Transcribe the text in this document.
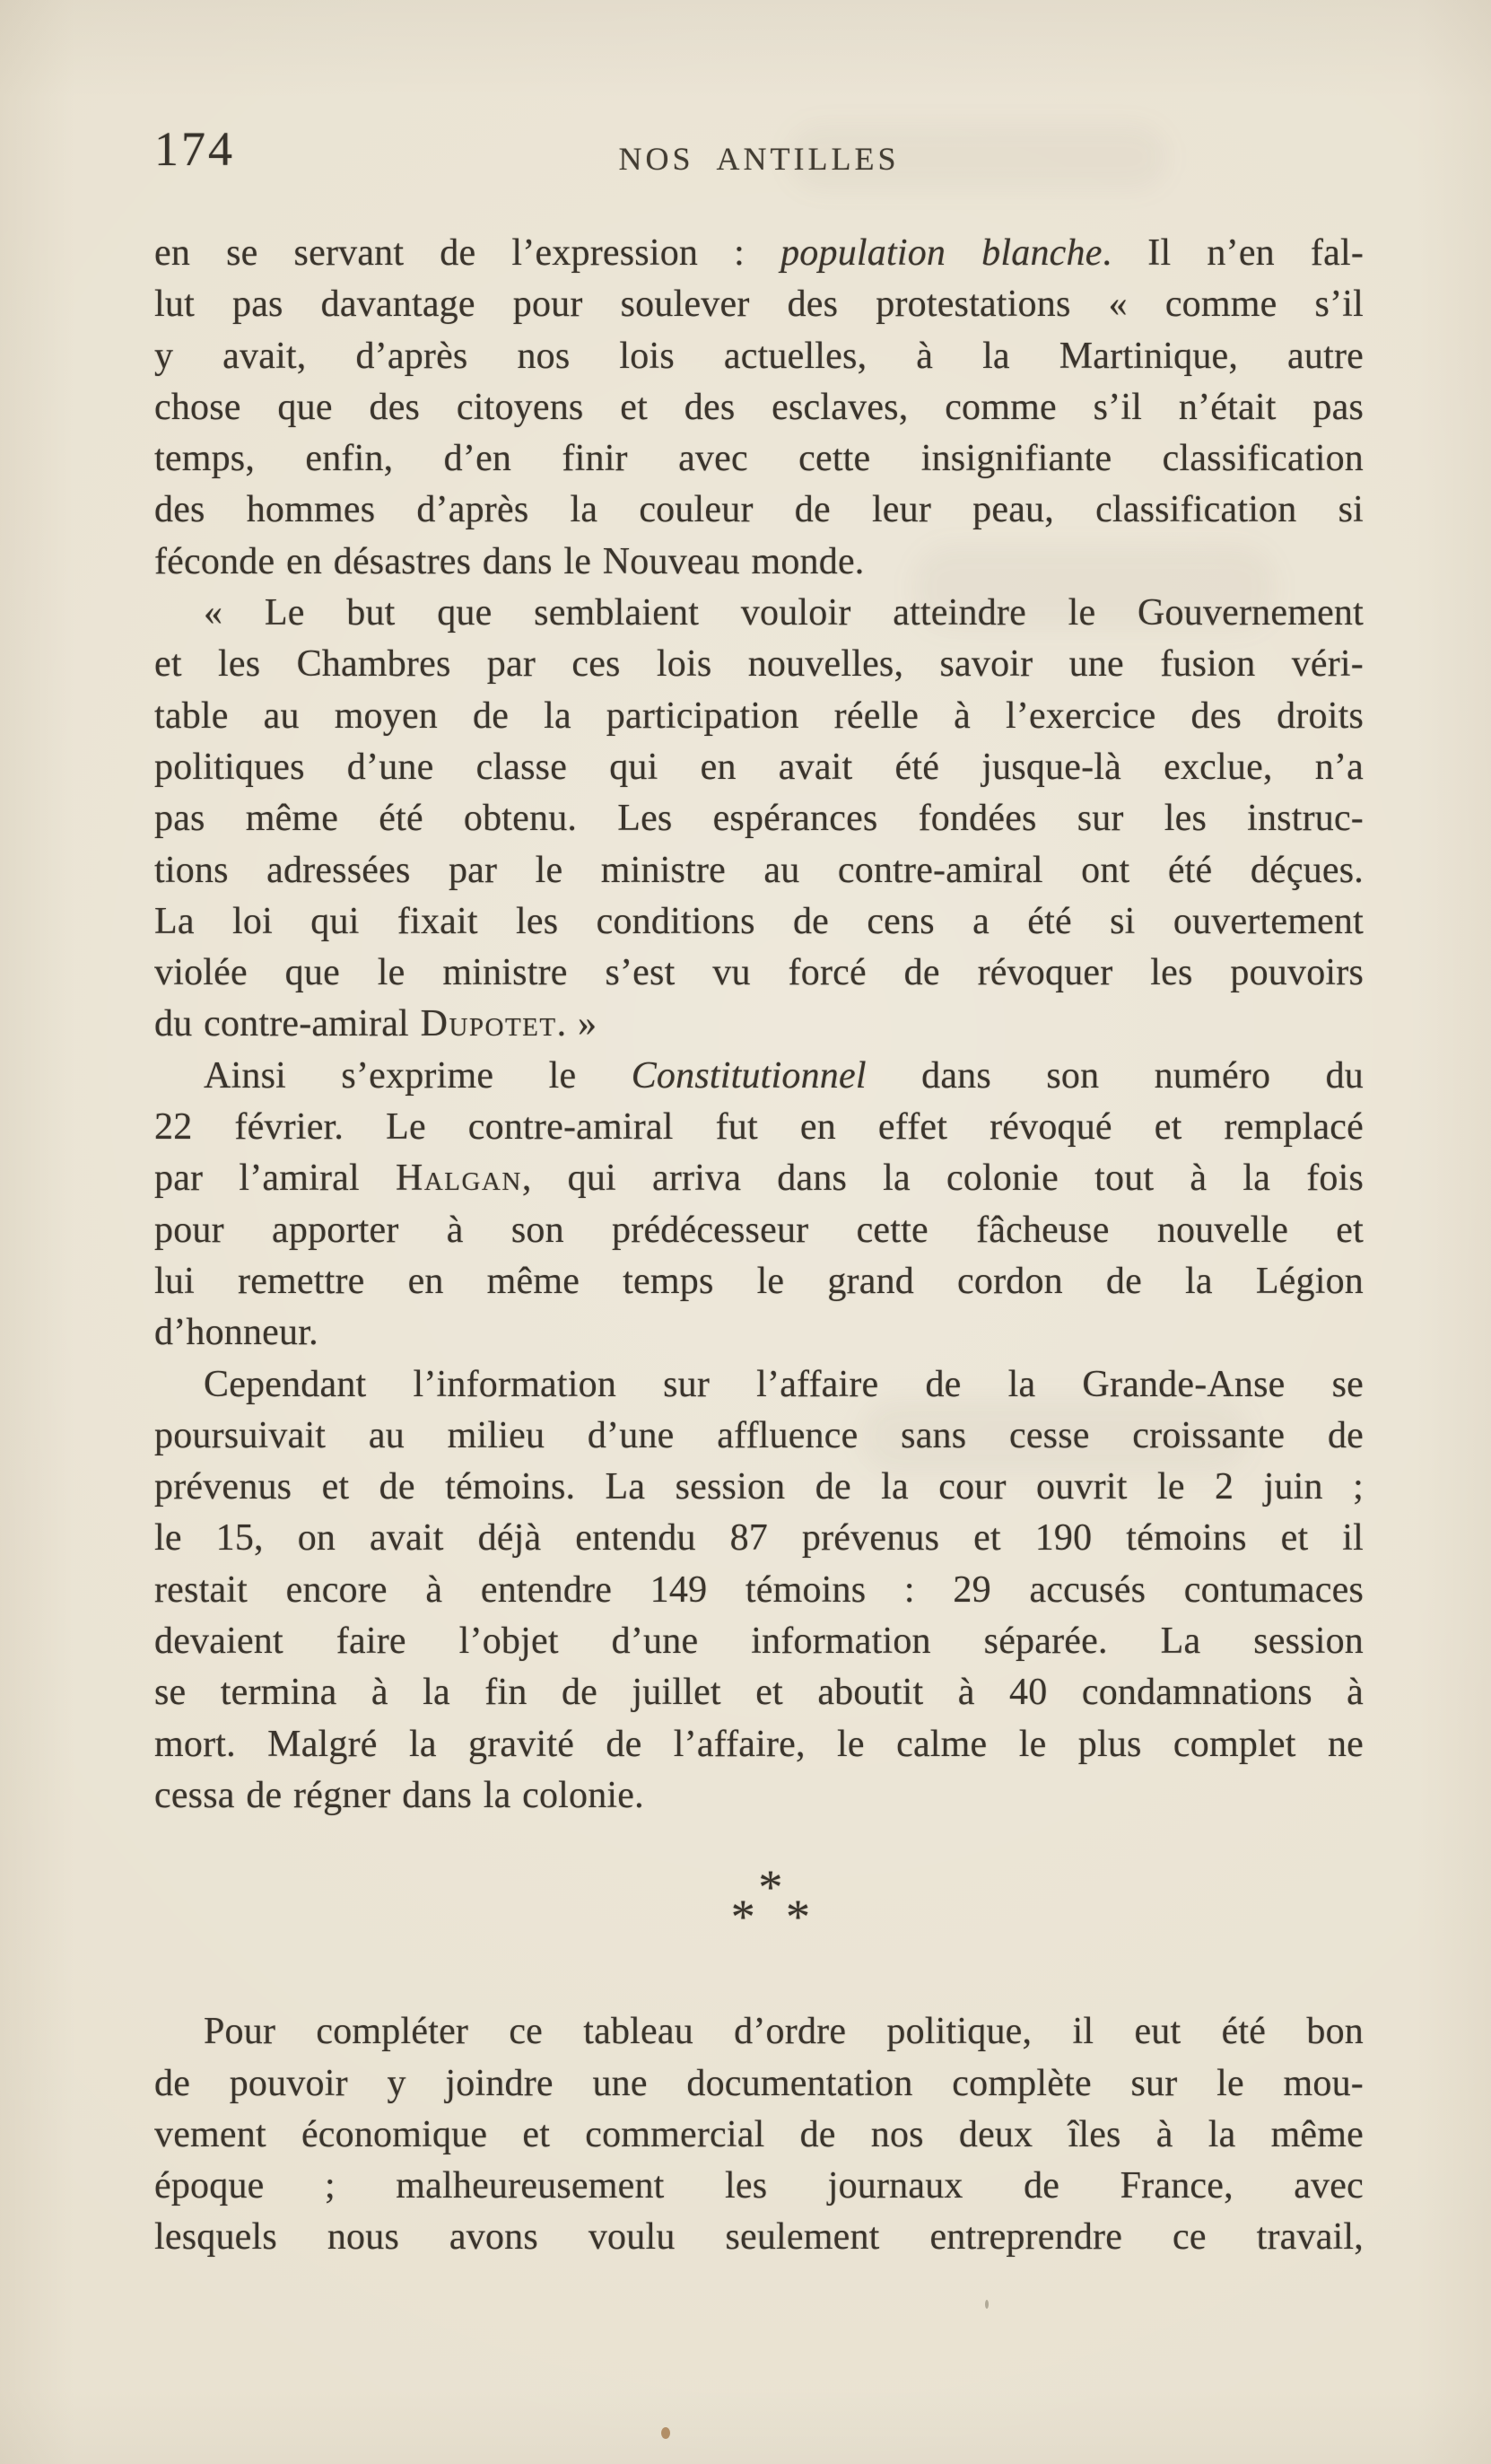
174	NOS ANTILLES
en se servant de l’expression : population blanche. Il n’en fal-
lut pas davantage pour soulever des protestations « comme s’il
y avait, d’après nos lois actuelles, à la Martinique, autre
chose que des citoyens et des esclaves, comme s’il n’était pas
temps, enfin, d’en finir avec cette insignifiante classification
des hommes d’après la couleur de leur peau, classification si
féconde en désastres dans le Nouveau monde.
« Le but que semblaient vouloir atteindre le Gouvernement
et les Chambres par ces lois nouvelles, savoir une fusion véri-
table au moyen de la participation réelle à l’exercice des droits
politiques d’une classe qui en avait été jusque-là exclue, n’a
pas même été obtenu. Les espérances fondées sur les instruc-
tions adressées par le ministre au contre-amiral ont été déçues.
La loi qui fixait les conditions de cens a été si ouvertement
violée que le ministre s’est vu forcé de révoquer les pouvoirs
du contre-amiral Dupotet. »
Ainsi s’exprime le Constitutionnel dans son numéro du
22 février. Le contre-amiral fut en effet révoqué et remplacé
par l’amiral Halgan, qui arriva dans la colonie tout à la fois
pour apporter à son prédécesseur cette fâcheuse nouvelle et
lui remettre en même temps le grand cordon de la Légion
d’honneur.
Cependant l’information sur l’affaire de la Grande-Anse se
poursuivait au milieu d’une affluence sans cesse croissante de
prévenus et de témoins. La session de la cour ouvrit le 2 juin ;
le 15, on avait déjà entendu 87 prévenus et 190 témoins et il
restait encore à entendre 149 témoins : 29 accusés contumaces
devaient faire l’objet d’une information séparée. La session
se termina à la fin de juillet et aboutit à 40 condamnations à
mort. Malgré la gravité de l’affaire, le calme le plus complet ne
cessa de régner dans la colonie.
*
* *
Pour compléter ce tableau d’ordre politique, il eut été bon
de pouvoir y joindre une documentation complète sur le mou-
vement économique et commercial de nos deux îles à la même
époque ; malheureusement les journaux de France, avec
lesquels nous avons voulu seulement entreprendre ce travail,
